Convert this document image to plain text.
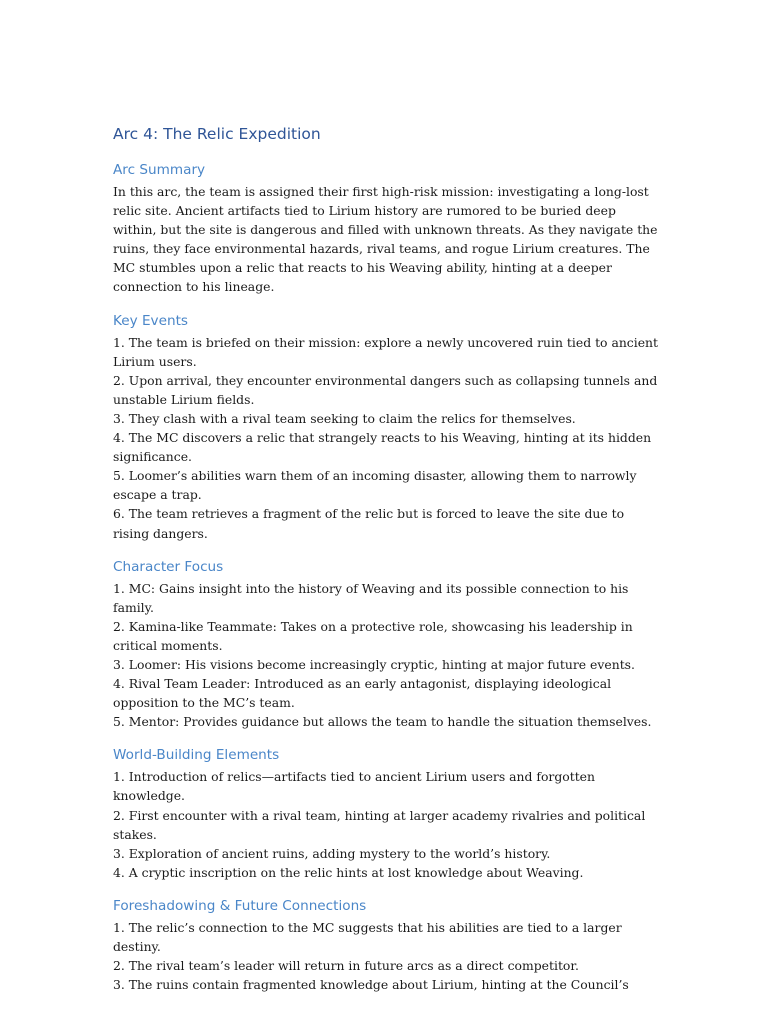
Arc 4: The Relic Expedition
Arc Summary

In this arc, the team is assigned their first high-risk mission: investigating a long-lost relic site. Ancient artifacts tied to Lirium history are rumored to be buried deep within, but the site is dangerous and filled with unknown threats. As they navigate the ruins, they face environmental hazards, rival teams, and rogue Lirium creatures. The MC stumbles upon a relic that reacts to his Weaving ability, hinting at a deeper connection to his lineage.

Key Events
1. The team is briefed on their mission: explore a newly uncovered ruin tied to ancient Lirium users.
2. Upon arrival, they encounter environmental dangers such as collapsing tunnels and unstable Lirium fields.
3. They clash with a rival team seeking to claim the relics for themselves.
4. The MC discovers a relic that strangely reacts to his Weaving, hinting at its hidden significance.
5. Loomer’s abilities warn them of an incoming disaster, allowing them to narrowly escape a trap.
6. The team retrieves a fragment of the relic but is forced to leave the site due to rising dangers.
Character Focus
1. MC: Gains insight into the history of Weaving and its possible connection to his family.
2. Kamina-like Teammate: Takes on a protective role, showcasing his leadership in critical moments.
3. Loomer: His visions become increasingly cryptic, hinting at major future events.
4. Rival Team Leader: Introduced as an early antagonist, displaying ideological opposition to the MC’s team.
5. Mentor: Provides guidance but allows the team to handle the situation themselves.
World-Building Elements
1. Introduction of relics—artifacts tied to ancient Lirium users and forgotten knowledge.
2. First encounter with a rival team, hinting at larger academy rivalries and political stakes.
3. Exploration of ancient ruins, adding mystery to the world’s history.
4. A cryptic inscription on the relic hints at lost knowledge about Weaving.
Foreshadowing & Future Connections
1. The relic’s connection to the MC suggests that his abilities are tied to a larger destiny.
2. The rival team’s leader will return in future arcs as a direct competitor.
3. The ruins contain fragmented knowledge about Lirium, hinting at the Council’s
